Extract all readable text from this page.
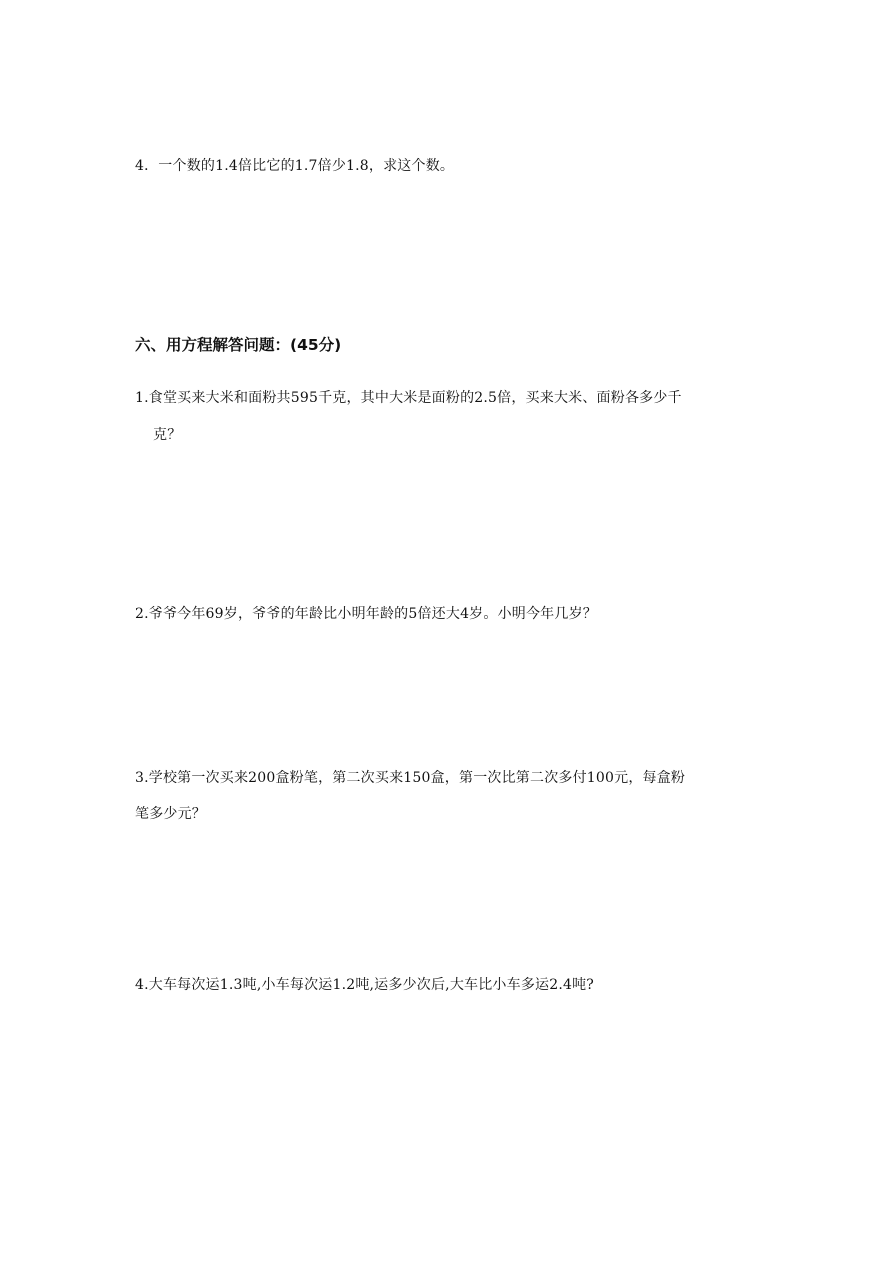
4．一个数的1.4倍比它的1.7倍少1.8，求这个数。
六、用方程解答问题：(45分)
1.食堂买来大米和面粉共595千克，其中大米是面粉的2.5倍，买来大米、面粉各多少千
克？
2.爷爷今年69岁，爷爷的年龄比小明年龄的5倍还大4岁。小明今年几岁？
3.学校第一次买来200盒粉笔，第二次买来150盒，第一次比第二次多付100元，每盒粉
笔多少元？
4.大车每次运1.3吨,小车每次运1.2吨,运多少次后,大车比小车多运2.4吨?
